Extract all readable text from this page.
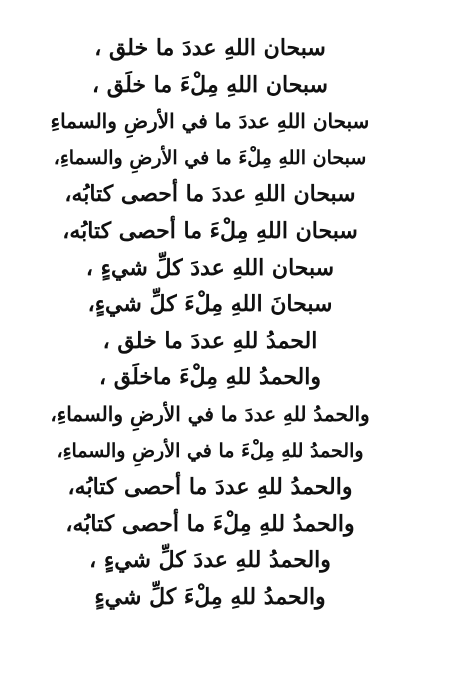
سبحان اللهِ عددَ ما خلق ،
سبحان اللهِ مِلْءَ ما خلَق ،
سبحان اللهِ عددَ ما في الأرضِ والسماءِ
سبحان اللهِ مِلْءَ ما في الأرضِ والسماءِ،
سبحان اللهِ عددَ ما أحصى كتابُه،
سبحان اللهِ مِلْءَ ما أحصى كتابُه،
سبحان اللهِ عددَ كلِّ شيءٍ ،
سبحانَ اللهِ مِلْءَ كلِّ شيءٍ،
الحمدُ للهِ عددَ ما خلق ،
والحمدُ للهِ مِلْءَ ماخلَق ،
والحمدُ للهِ عددَ ما في الأرضِ والسماءِ،
والحمدُ للهِ مِلْءَ ما في الأرضِ والسماءِ،
والحمدُ للهِ عددَ ما أحصى كتابُه،
والحمدُ للهِ مِلْءَ ما أحصى كتابُه،
والحمدُ للهِ عددَ كلِّ شيءٍ ،
والحمدُ للهِ مِلْءَ كلِّ شيءٍ
